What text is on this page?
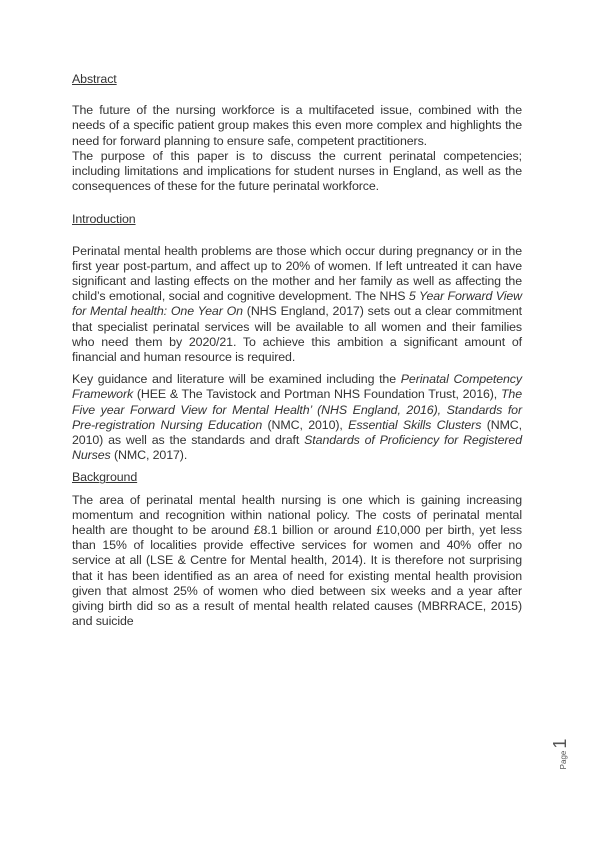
Abstract

The future of the nursing workforce is a multifaceted issue, combined with the needs of a specific patient group makes this even more complex and highlights the need for forward planning to ensure safe, competent practitioners.

The purpose of this paper is to discuss the current perinatal competencies; including limitations and implications for student nurses in England, as well as the consequences of these for the future perinatal workforce.

Introduction

Perinatal mental health problems are those which occur during pregnancy or in the first year post-partum, and affect up to 20% of women. If left untreated it can have significant and lasting effects on the mother and her family as well as affecting the child’s emotional, social and cognitive development. The NHS 5 Year Forward View for Mental health: One Year On (NHS England, 2017) sets out a clear commitment that specialist perinatal services will be available to all women and their families who need them by 2020/21. To achieve this ambition a significant amount of financial and human resource is required.

Key guidance and literature will be examined including the Perinatal Competency Framework (HEE & The Tavistock and Portman NHS Foundation Trust, 2016), The Five year Forward View for Mental Health’ (NHS England, 2016), Standards for Pre-registration Nursing Education (NMC, 2010), Essential Skills Clusters (NMC, 2010) as well as the standards and draft Standards of Proficiency for Registered Nurses (NMC, 2017).

Background

The area of perinatal mental health nursing is one which is gaining increasing momentum and recognition within national policy. The costs of perinatal mental health are thought to be around £8.1 billion or around £10,000 per birth, yet less than 15% of localities provide effective services for women and 40% offer no service at all (LSE & Centre for Mental health, 2014). It is therefore not surprising that it has been identified as an area of need for existing mental health provision given that almost 25% of women who died between six weeks and a year after giving birth did so as a result of mental health related causes (MBRRACE, 2015) and suicide

Page
1
